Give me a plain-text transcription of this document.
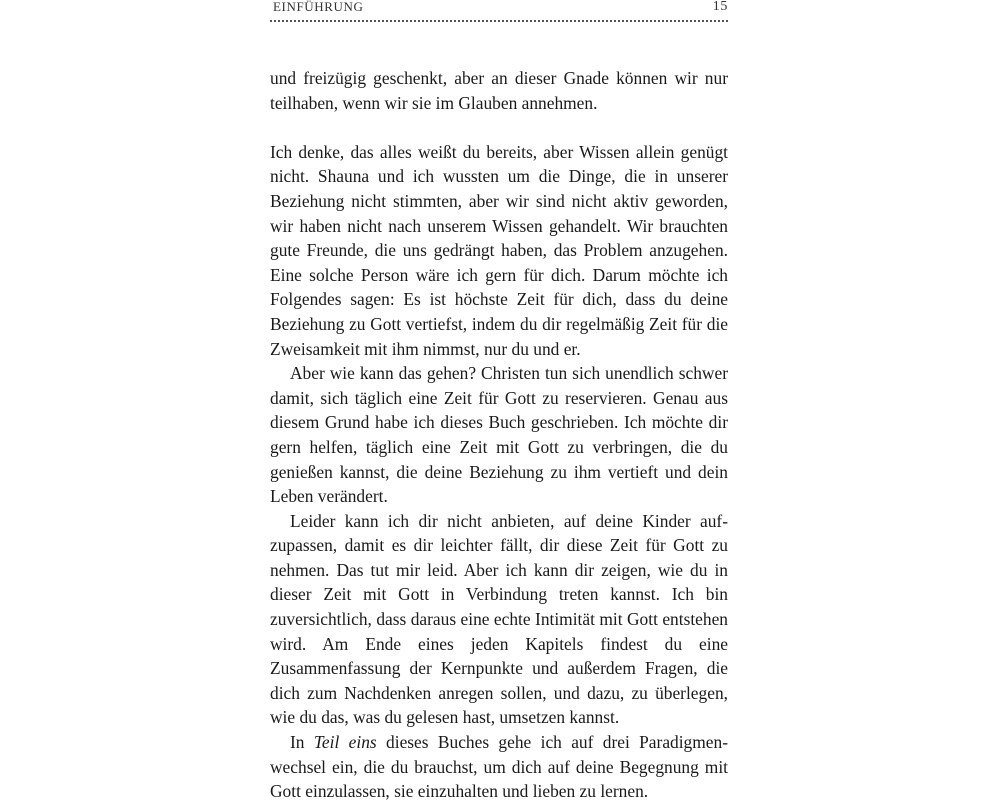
EINFÜHRUNG	15

und freizügig geschenkt, aber an dieser Gnade können wir nur teilhaben, wenn wir sie im Glauben annehmen.

Ich denke, das alles weißt du bereits, aber Wissen allein genügt nicht. Shauna und ich wussten um die Dinge, die in unserer Beziehung nicht stimmten, aber wir sind nicht aktiv geworden, wir haben nicht nach unserem Wissen gehandelt. Wir brauchten gute Freunde, die uns gedrängt haben, das Problem anzugehen. Eine solche Person wäre ich gern für dich. Darum möchte ich Folgendes sagen: Es ist höchste Zeit für dich, dass du deine Beziehung zu Gott vertiefst, indem du dir regelmäßig Zeit für die Zweisamkeit mit ihm nimmst, nur du und er.

Aber wie kann das gehen? Christen tun sich unendlich schwer damit, sich täglich eine Zeit für Gott zu reservieren. Genau aus diesem Grund habe ich dieses Buch geschrieben. Ich möchte dir gern helfen, täglich eine Zeit mit Gott zu verbringen, die du genießen kannst, die deine Beziehung zu ihm vertieft und dein Leben verändert.

Leider kann ich dir nicht anbieten, auf deine Kinder aufzupassen, damit es dir leichter fällt, dir diese Zeit für Gott zu nehmen. Das tut mir leid. Aber ich kann dir zeigen, wie du in dieser Zeit mit Gott in Verbindung treten kannst. Ich bin zuversichtlich, dass daraus eine echte Intimität mit Gott entstehen wird. Am Ende eines jeden Kapitels findest du eine Zusammenfassung der Kernpunkte und außerdem Fragen, die dich zum Nachdenken anregen sollen, und dazu, zu überlegen, wie du das, was du gelesen hast, umsetzen kannst.

In Teil eins dieses Buches gehe ich auf drei Paradigmenwechsel ein, die du brauchst, um dich auf deine Begegnung mit Gott einzulassen, sie einzuhalten und lieben zu lernen.
